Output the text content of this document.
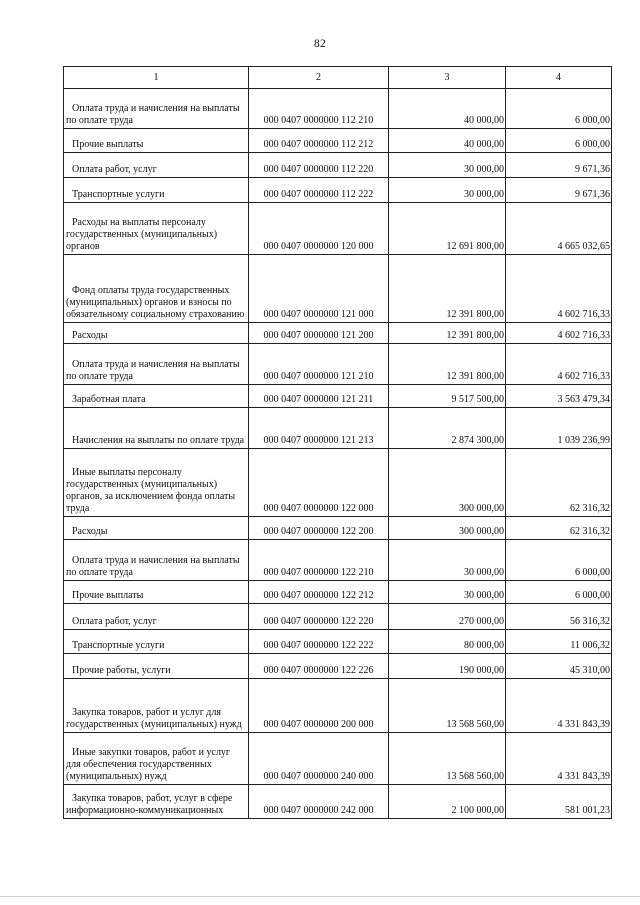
82
1	2	3	4

Оплата труда и начисления на выплаты по оплате труда	000 0407 0000000 112 210	40 000,00	6 000,00

Прочие выплаты	000 0407 0000000 112 212	40 000,00	6 000,00

Оплата работ, услуг	000 0407 0000000 112 220	30 000,00	9 671,36

Транспортные услуги	000 0407 0000000 112 222	30 000,00	9 671,36

Расходы на выплаты персоналу государственных (муниципальных) органов	000 0407 0000000 120 000	12 691 800,00	4 665 032,65

Фонд оплаты труда государственных (муниципальных) органов и взносы по обязательному социальному страхованию	000 0407 0000000 121 000	12 391 800,00	4 602 716,33

Расходы	000 0407 0000000 121 200	12 391 800,00	4 602 716,33

Оплата труда и начисления на выплаты по оплате труда	000 0407 0000000 121 210	12 391 800,00	4 602 716,33

Заработная плата	000 0407 0000000 121 211	9 517 500,00	3 563 479,34

Начисления на выплаты по оплате труда	000 0407 0000000 121 213	2 874 300,00	1 039 236,99

Иные выплаты персоналу государственных (муниципальных) органов, за исключением фонда оплаты труда	000 0407 0000000 122 000	300 000,00	62 316,32

Расходы	000 0407 0000000 122 200	300 000,00	62 316,32

Оплата труда и начисления на выплаты по оплате труда	000 0407 0000000 122 210	30 000,00	6 000,00

Прочие выплаты	000 0407 0000000 122 212	30 000,00	6 000,00

Оплата работ, услуг	000 0407 0000000 122 220	270 000,00	56 316,32

Транспортные услуги	000 0407 0000000 122 222	80 000,00	11 006,32

Прочие работы, услуги	000 0407 0000000 122 226	190 000,00	45 310,00

Закупка товаров, работ и услуг для государственных (муниципальных) нужд	000 0407 0000000 200 000	13 568 560,00	4 331 843,39

Иные закупки товаров, работ и услуг для обеспечения государственных (муниципальных) нужд	000 0407 0000000 240 000	13 568 560,00	4 331 843,39

Закупка товаров, работ, услуг в сфере информационно-коммуникационных	000 0407 0000000 242 000	2 100 000,00	581 001,23
